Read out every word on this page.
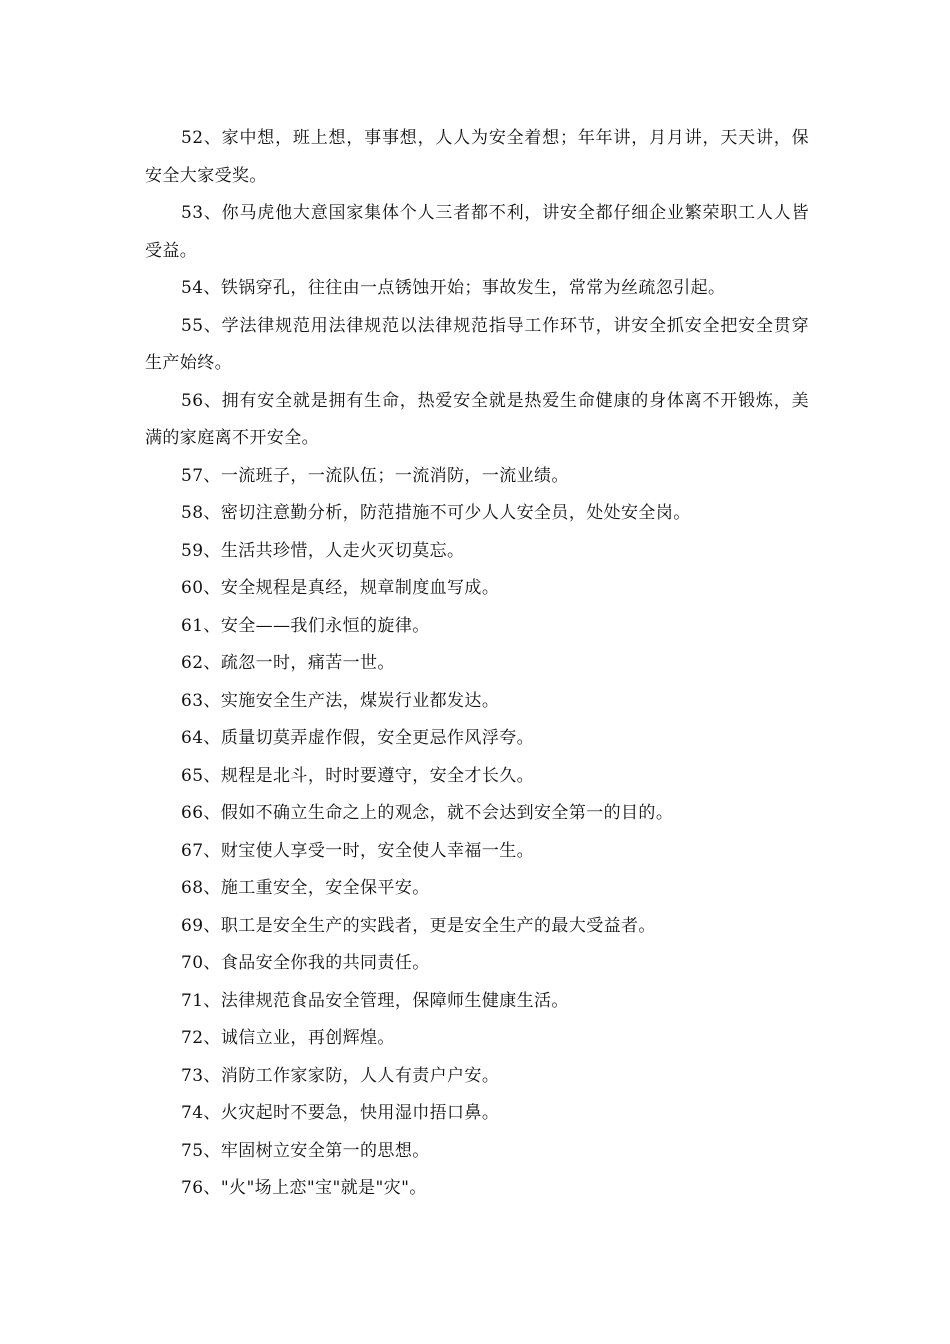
52、家中想，班上想，事事想，人人为安全着想；年年讲，月月讲，天天讲，保安全大家受奖。

53、你马虎他大意国家集体个人三者都不利，讲安全都仔细企业繁荣职工人人皆受益。

54、铁锅穿孔，往往由一点锈蚀开始；事故发生，常常为丝疏忽引起。

55、学法律规范用法律规范以法律规范指导工作环节，讲安全抓安全把安全贯穿生产始终。

56、拥有安全就是拥有生命，热爱安全就是热爱生命健康的身体离不开锻炼，美满的家庭离不开安全。

57、一流班子，一流队伍；一流消防，一流业绩。

58、密切注意勤分析，防范措施不可少人人安全员，处处安全岗。

59、生活共珍惜，人走火灭切莫忘。

60、安全规程是真经，规章制度血写成。

61、安全——我们永恒的旋律。

62、疏忽一时，痛苦一世。

63、实施安全生产法，煤炭行业都发达。

64、质量切莫弄虚作假，安全更忌作风浮夸。

65、规程是北斗，时时要遵守，安全才长久。

66、假如不确立生命之上的观念，就不会达到安全第一的目的。

67、财宝使人享受一时，安全使人幸福一生。

68、施工重安全，安全保平安。

69、职工是安全生产的实践者，更是安全生产的最大受益者。

70、食品安全你我的共同责任。

71、法律规范食品安全管理，保障师生健康生活。

72、诚信立业，再创辉煌。

73、消防工作家家防，人人有责户户安。

74、火灾起时不要急，快用湿巾捂口鼻。

75、牢固树立安全第一的思想。

76、"火"场上恋"宝"就是"灾"。
